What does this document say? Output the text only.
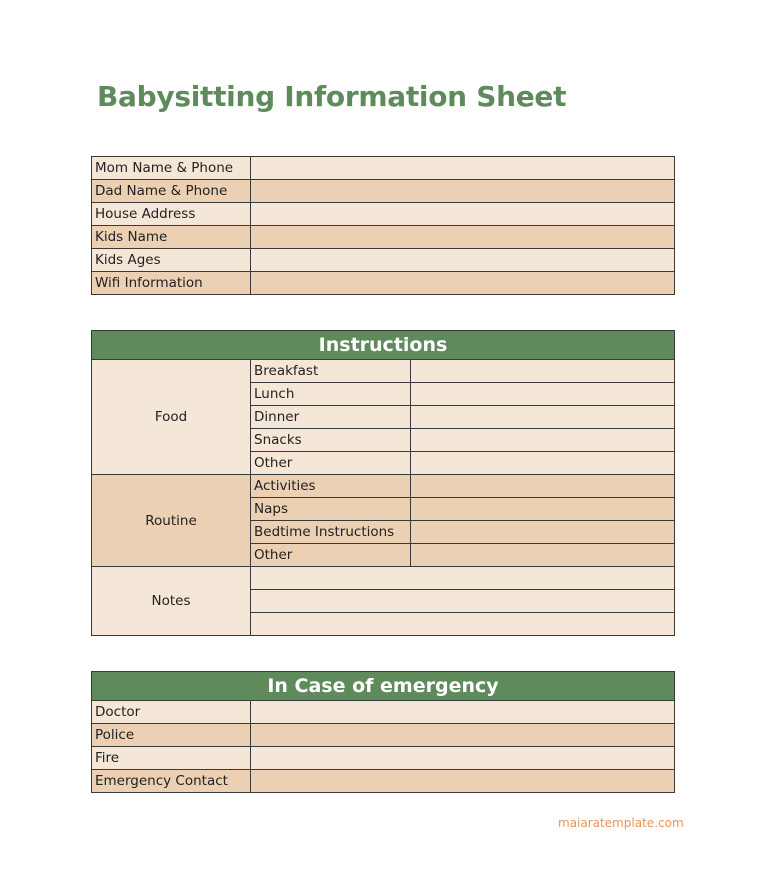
Babysitting Information Sheet
Mom Name & Phone	
Dad Name & Phone	
House Address	
Kids Name	
Kids Ages	
Wifi Information	
Instructions		
Food	Breakfast	
	Lunch	
	Dinner	
	Snacks	
	Other	
Routine	Activities	
	Naps	
	Bedtime Instructions	
	Other	
Notes		

In Case of emergency	
Doctor	
Police	
Fire	
Emergency Contact	
maiaratemplate.com
